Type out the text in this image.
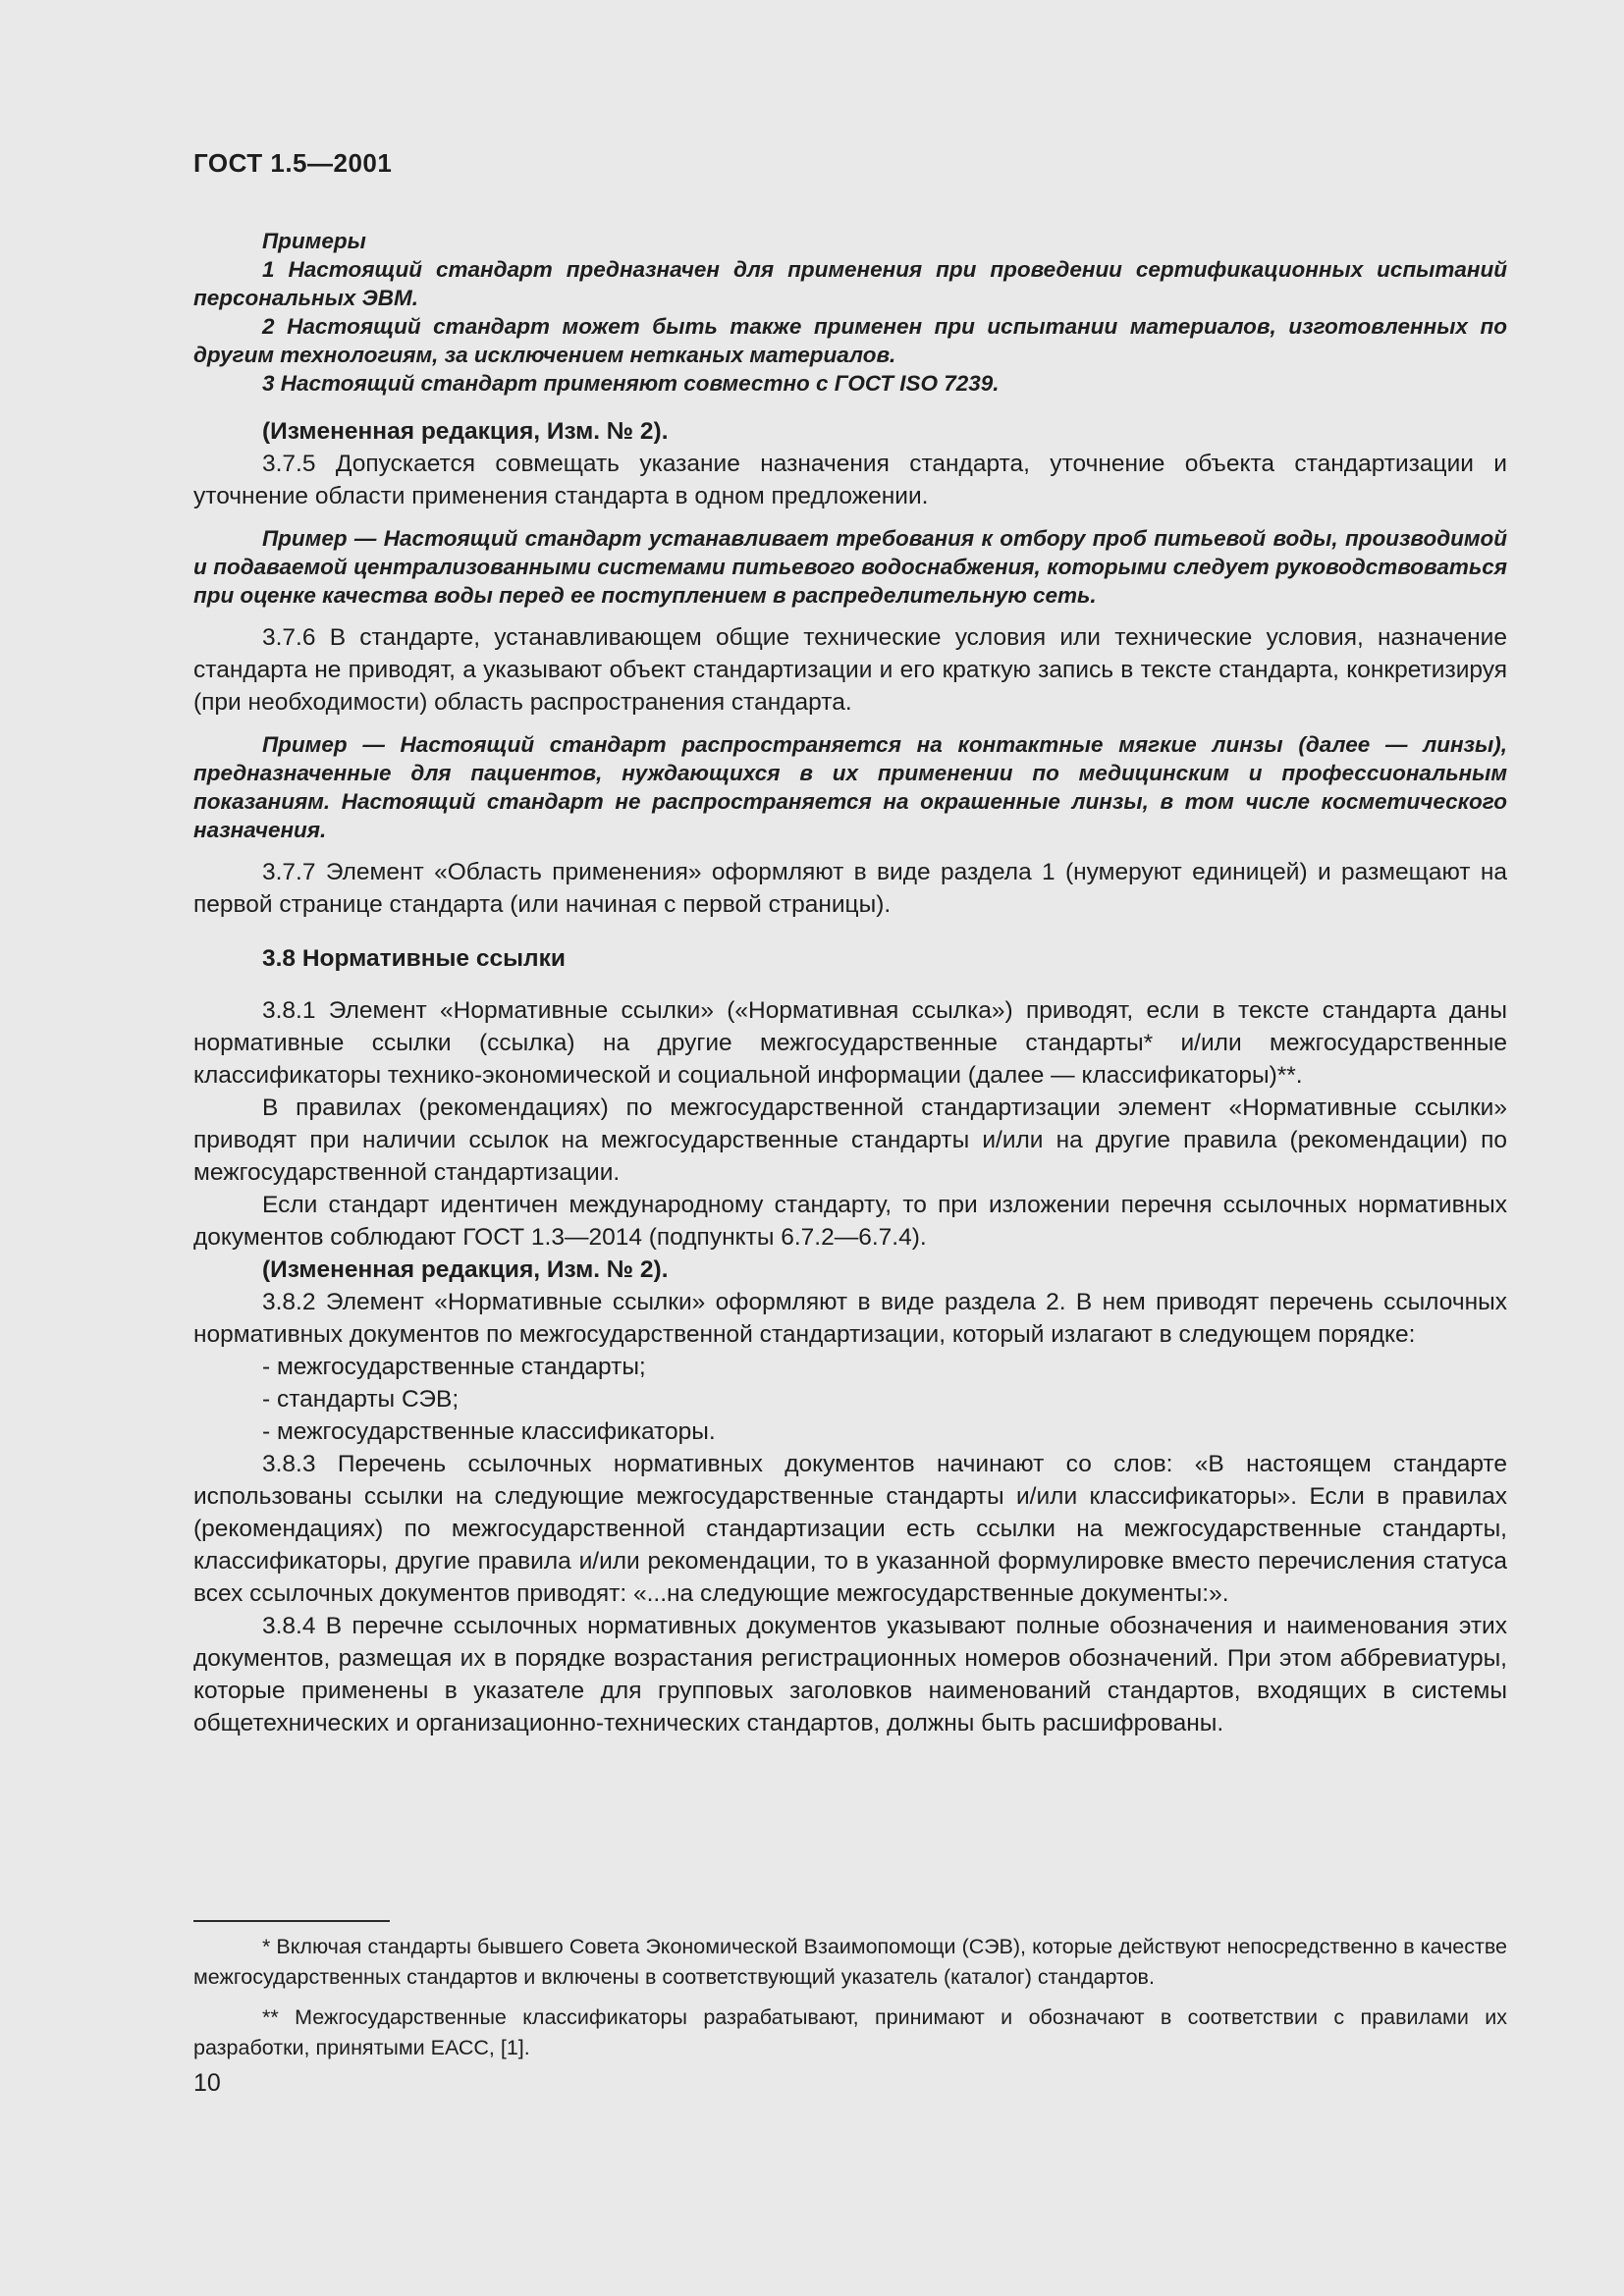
ГОСТ 1.5—2001

Примеры

1 Настоящий стандарт предназначен для применения при проведении сертификационных испытаний персональных ЭВМ.

2 Настоящий стандарт может быть также применен при испытании материалов, изготовленных по другим технологиям, за исключением нетканых материалов.

3 Настоящий стандарт применяют совместно с ГОСТ ISO 7239.

(Измененная редакция, Изм. № 2).

3.7.5 Допускается совмещать указание назначения стандарта, уточнение объекта стандартизации и уточнение области применения стандарта в одном предложении.

Пример — Настоящий стандарт устанавливает требования к отбору проб питьевой воды, производимой и подаваемой централизованными системами питьевого водоснабжения, которыми следует руководствоваться при оценке качества воды перед ее поступлением в распределительную сеть.

3.7.6 В стандарте, устанавливающем общие технические условия или технические условия, назначение стандарта не приводят, а указывают объект стандартизации и его краткую запись в тексте стандарта, конкретизируя (при необходимости) область распространения стандарта.

Пример — Настоящий стандарт распространяется на контактные мягкие линзы (далее — линзы), предназначенные для пациентов, нуждающихся в их применении по медицинским и профессиональным показаниям. Настоящий стандарт не распространяется на окрашенные линзы, в том числе косметического назначения.

3.7.7 Элемент «Область применения» оформляют в виде раздела 1 (нумеруют единицей) и размещают на первой странице стандарта (или начиная с первой страницы).

3.8 Нормативные ссылки

3.8.1 Элемент «Нормативные ссылки» («Нормативная ссылка») приводят, если в тексте стандарта даны нормативные ссылки (ссылка) на другие межгосударственные стандарты* и/или межгосударственные классификаторы технико-экономической и социальной информации (далее — классификаторы)**.

В правилах (рекомендациях) по межгосударственной стандартизации элемент «Нормативные ссылки» приводят при наличии ссылок на межгосударственные стандарты и/или на другие правила (рекомендации) по межгосударственной стандартизации.

Если стандарт идентичен международному стандарту, то при изложении перечня ссылочных нормативных документов соблюдают ГОСТ 1.3—2014 (подпункты 6.7.2—6.7.4).

(Измененная редакция, Изм. № 2).

3.8.2 Элемент «Нормативные ссылки» оформляют в виде раздела 2. В нем приводят перечень ссылочных нормативных документов по межгосударственной стандартизации, который излагают в следующем порядке:

- межгосударственные стандарты;

- стандарты СЭВ;

- межгосударственные классификаторы.

3.8.3 Перечень ссылочных нормативных документов начинают со слов: «В настоящем стандарте использованы ссылки на следующие межгосударственные стандарты и/или классификаторы». Если в правилах (рекомендациях) по межгосударственной стандартизации есть ссылки на межгосударственные стандарты, классификаторы, другие правила и/или рекомендации, то в указанной формулировке вместо перечисления статуса всех ссылочных документов приводят: «...на следующие межгосударственные документы:».

3.8.4 В перечне ссылочных нормативных документов указывают полные обозначения и наименования этих документов, размещая их в порядке возрастания регистрационных номеров обозначений. При этом аббревиатуры, которые применены в указателе для групповых заголовков наименований стандартов, входящих в системы общетехнических и организационно-технических стандартов, должны быть расшифрованы.

* Включая стандарты бывшего Совета Экономической Взаимопомощи (СЭВ), которые действуют непосредственно в качестве межгосударственных стандартов и включены в соответствующий указатель (каталог) стандартов.

** Межгосударственные классификаторы разрабатывают, принимают и обозначают в соответствии с правилами их разработки, принятыми ЕАСС, [1].

10
